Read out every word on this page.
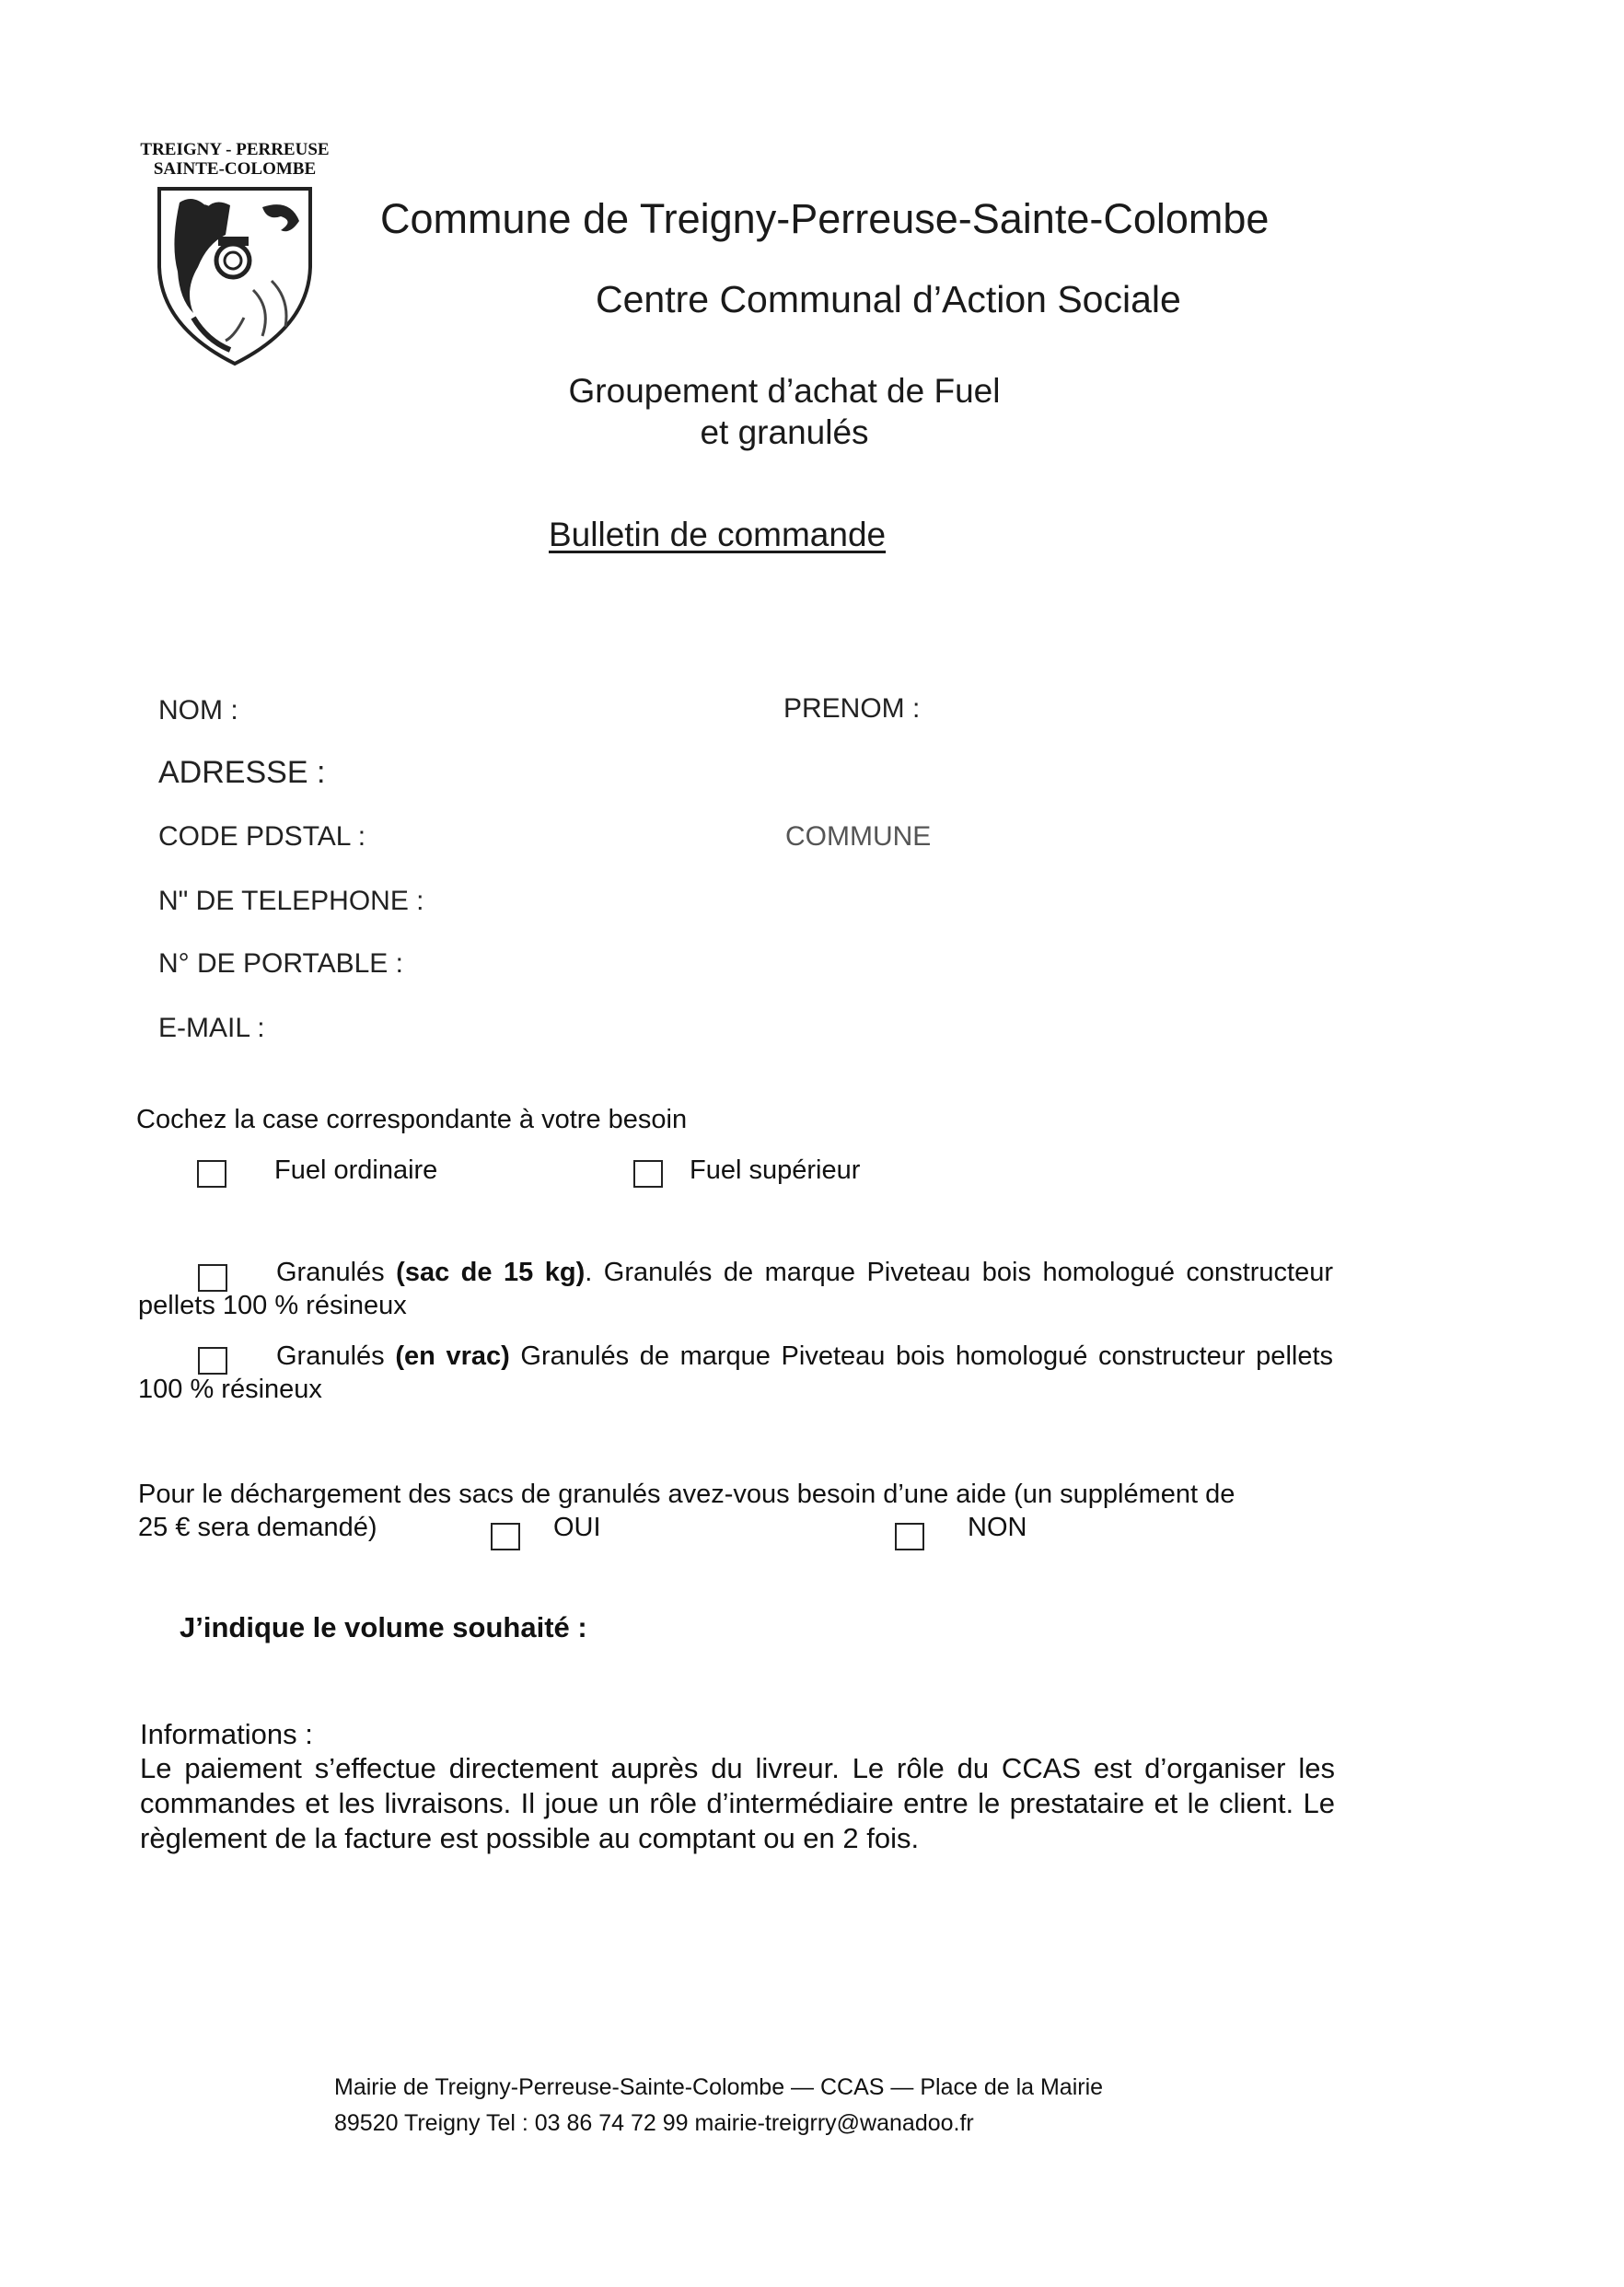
TREIGNY - PERREUSE
SAINTE-COLOMBE
Commune de Treigny-Perreuse-Sainte-Colombe
Centre Communal d’Action Sociale
Groupement d’achat de Fuel
et granulés
Bulletin de commande
NOM :	PRENOM :
ADRESSE :
CODE PDSTAL :	COMMUNE
N" DE TELEPHONE :
N° DE PORTABLE :
E-MAIL :
Cochez la case correspondante à votre besoin
Fuel ordinaire	Fuel supérieur
Granulés (sac de 15 kg). Granulés de marque Piveteau bois homologué constructeur pellets 100 % résineux
Granulés (en vrac) Granulés de marque Piveteau bois homologué constructeur pellets 100 % résineux
Pour le déchargement des sacs de granulés avez-vous besoin d’une aide (un supplément de
25 € sera demandé)	OUI	NON
J’indique le volume souhaité :
Informations :
Le paiement s’effectue directement auprès du livreur. Le rôle du CCAS est d’organiser les commandes et les livraisons. Il joue un rôle d’intermédiaire entre le prestataire et le client. Le règlement de la facture est possible au comptant ou en 2 fois.
Mairie de Treigny-Perreuse-Sainte-Colombe — CCAS — Place de la Mairie
89520 Treigny Tel : 03 86 74 72 99 mairie-treigrry@wanadoo.fr
